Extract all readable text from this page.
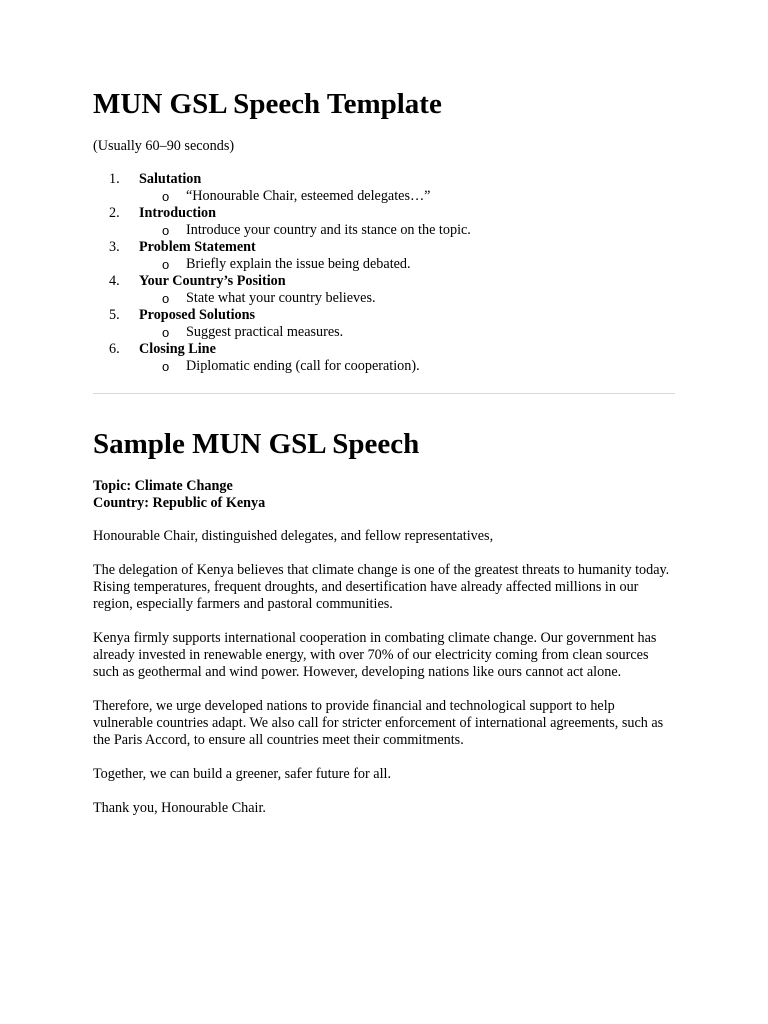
MUN GSL Speech Template

(Usually 60–90 seconds)

1.	Salutation
o	“Honourable Chair, esteemed delegates…”
2.	Introduction
o	Introduce your country and its stance on the topic.
3.	Problem Statement
o	Briefly explain the issue being debated.
4.	Your Country’s Position
o	State what your country believes.
5.	Proposed Solutions
o	Suggest practical measures.
6.	Closing Line
o	Diplomatic ending (call for cooperation).
Sample MUN GSL Speech

Topic: Climate Change

Country: Republic of Kenya

Honourable Chair, distinguished delegates, and fellow representatives,

The delegation of Kenya believes that climate change is one of the greatest threats to humanity today. Rising temperatures, frequent droughts, and desertification have already affected millions in our region, especially farmers and pastoral communities.

Kenya firmly supports international cooperation in combating climate change. Our government has already invested in renewable energy, with over 70% of our electricity coming from clean sources such as geothermal and wind power. However, developing nations like ours cannot act alone.

Therefore, we urge developed nations to provide financial and technological support to help vulnerable countries adapt. We also call for stricter enforcement of international agreements, such as the Paris Accord, to ensure all countries meet their commitments.

Together, we can build a greener, safer future for all.

Thank you, Honourable Chair.
